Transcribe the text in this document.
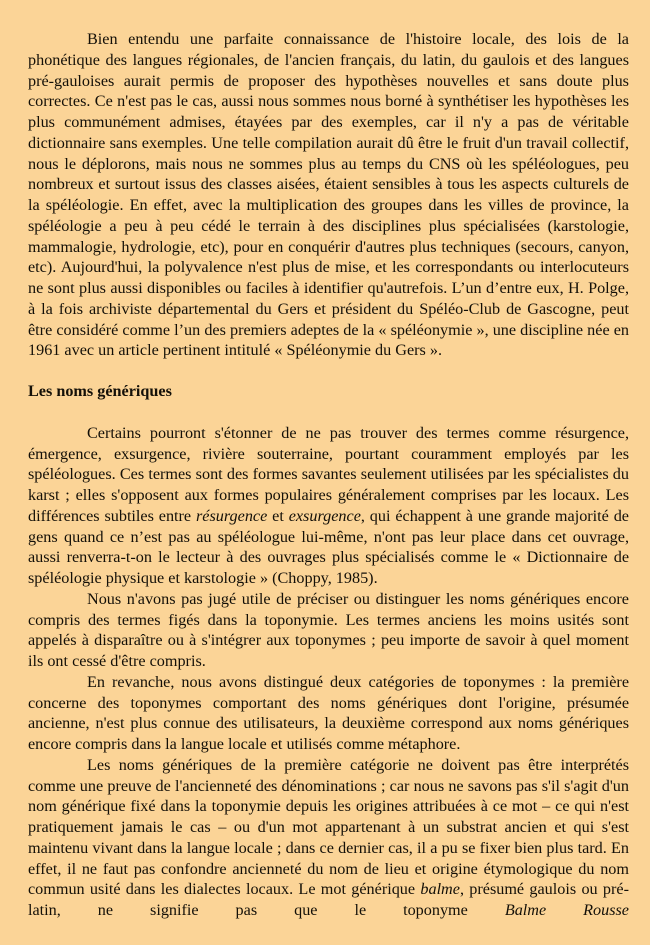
Bien entendu une parfaite connaissance de l'histoire locale, des lois de la phonétique des langues régionales, de l'ancien français, du latin, du gaulois et des langues pré-gauloises aurait permis de proposer des hypothèses nouvelles et sans doute plus correctes. Ce n'est pas le cas, aussi nous sommes nous borné à synthétiser les hypothèses les plus communément admises, étayées par des exemples, car il n'y a pas de véritable dictionnaire sans exemples. Une telle compilation aurait dû être le fruit d'un travail collectif, nous le déplorons, mais nous ne sommes plus au temps du CNS où les spéléologues, peu nombreux et surtout issus des classes aisées, étaient sensibles à tous les aspects culturels de la spéléologie. En effet, avec la multiplication des groupes dans les villes de province, la spéléologie a peu à peu cédé le terrain à des disciplines plus spécialisées (karstologie, mammalogie, hydrologie, etc), pour en conquérir d'autres plus techniques (secours, canyon, etc). Aujourd'hui, la polyvalence n'est plus de mise, et les correspondants ou interlocuteurs ne sont plus aussi disponibles ou faciles à identifier qu'autrefois. L’un d’entre eux, H. Polge, à la fois archiviste départemental du Gers et président du Spéléo-Club de Gascogne, peut être considéré comme l’un des premiers adeptes de la « spéléonymie », une discipline née en 1961 avec un article pertinent intitulé « Spéléonymie du Gers ».

Les noms génériques

Certains pourront s'étonner de ne pas trouver des termes comme résurgence, émergence, exsurgence, rivière souterraine, pourtant couramment employés par les spéléologues. Ces termes sont des formes savantes seulement utilisées par les spécialistes du karst ; elles s'opposent aux formes populaires généralement comprises par les locaux. Les différences subtiles entre résurgence et exsurgence, qui échappent à une grande majorité de gens quand ce n’est pas au spéléologue lui-même, n'ont pas leur place dans cet ouvrage, aussi renverra-t-on le lecteur à des ouvrages plus spécialisés comme le « Dictionnaire de spéléologie physique et karstologie » (Choppy, 1985).

Nous n'avons pas jugé utile de préciser ou distinguer les noms génériques encore compris des termes figés dans la toponymie. Les termes anciens les moins usités sont appelés à disparaître ou à s'intégrer aux toponymes ; peu importe de savoir à quel moment ils ont cessé d'être compris.

En revanche, nous avons distingué deux catégories de toponymes : la première concerne des toponymes comportant des noms génériques dont l'origine, présumée ancienne, n'est plus connue des utilisateurs, la deuxième correspond aux noms génériques encore compris dans la langue locale et utilisés comme métaphore.

Les noms génériques de la première catégorie ne doivent pas être interprétés comme une preuve de l'ancienneté des dénominations ; car nous ne savons pas s'il s'agit d'un nom générique fixé dans la toponymie depuis les origines attribuées à ce mot – ce qui n'est pratiquement jamais le cas – ou d'un mot appartenant à un substrat ancien et qui s'est maintenu vivant dans la langue locale ; dans ce dernier cas, il a pu se fixer bien plus tard. En effet, il ne faut pas confondre ancienneté du nom de lieu et origine étymologique du nom commun usité dans les dialectes locaux. Le mot générique balme, présumé gaulois ou pré-latin, ne signifie pas que le toponyme Balme Rousse
